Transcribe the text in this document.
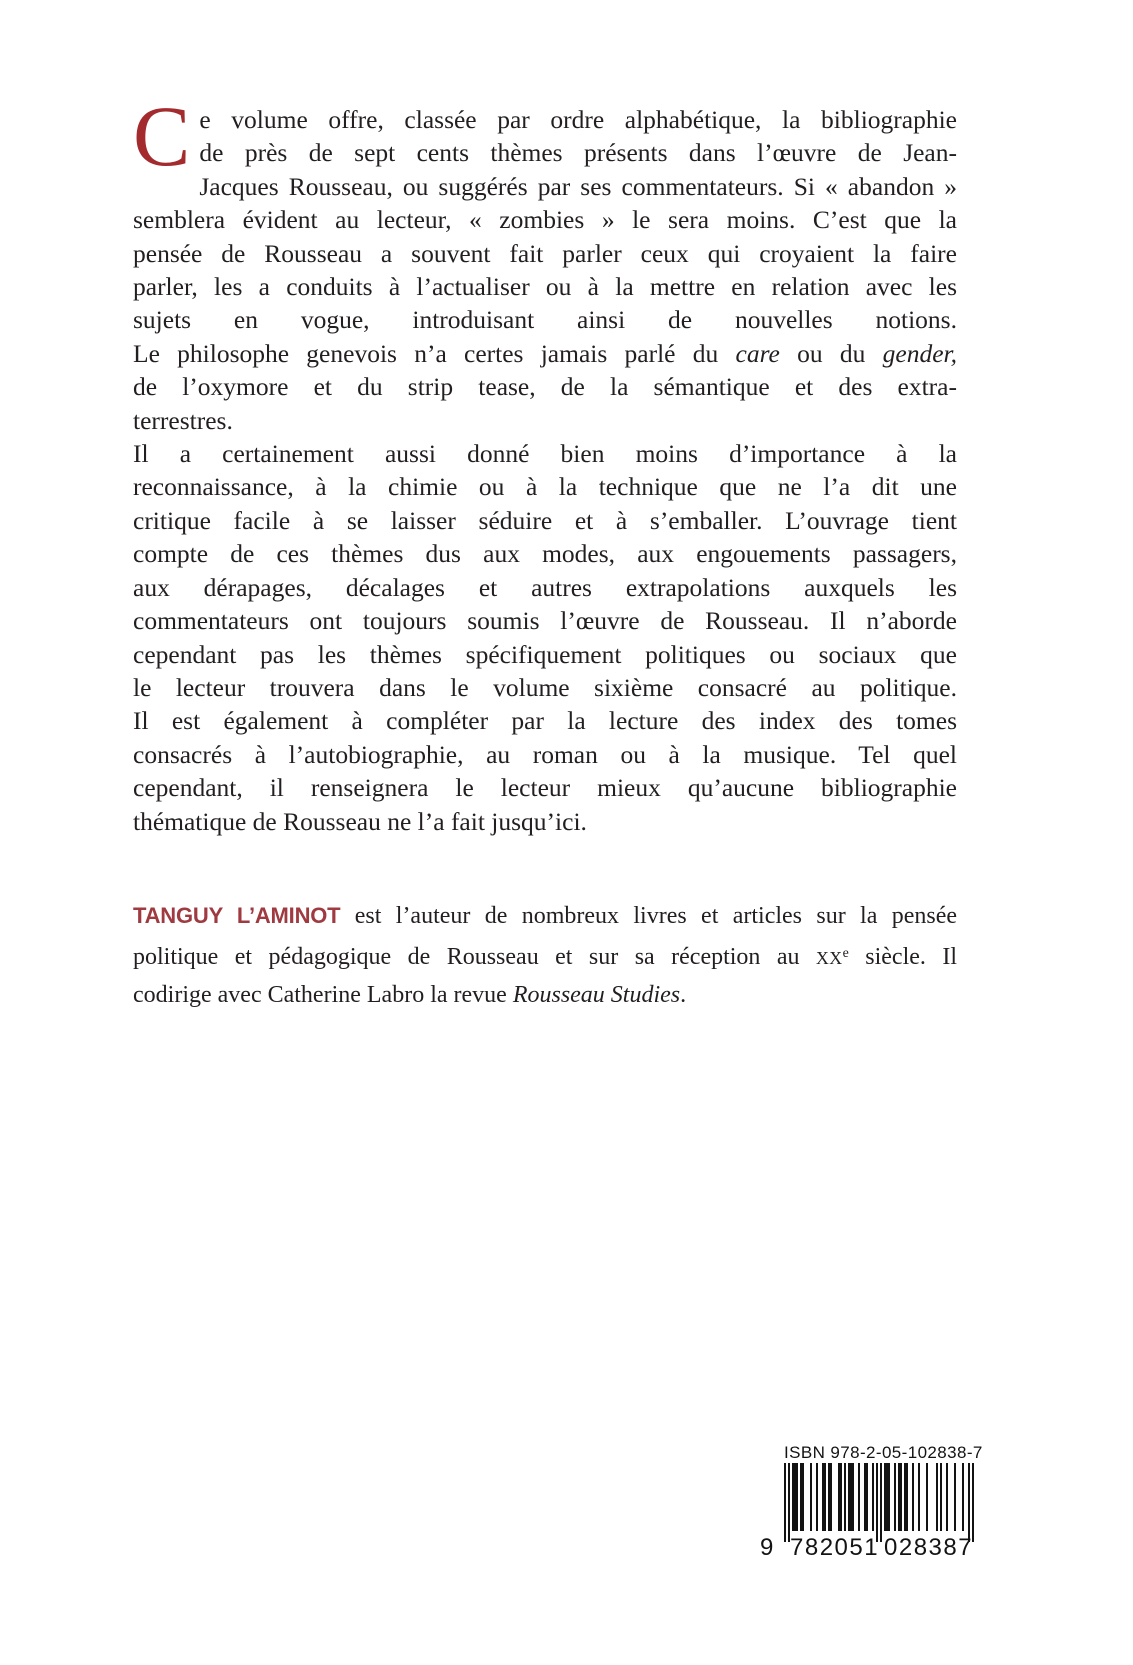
C e volume offre, classée par ordre alphabétique, la bibliographie
de près de sept cents thèmes présents dans l’œuvre de Jean-
Jacques Rousseau, ou suggérés par ses commentateurs. Si « abandon »
semblera évident au lecteur, « zombies » le sera moins. C’est que la
pensée de Rousseau a souvent fait parler ceux qui croyaient la faire
parler, les a conduits à l’actualiser ou à la mettre en relation avec les
sujets en vogue, introduisant ainsi de nouvelles notions.
Le philosophe genevois n’a certes jamais parlé du care ou du gender,
de l’oxymore et du strip tease, de la sémantique et des extra-
terrestres.
Il a certainement aussi donné bien moins d’importance à la
reconnaissance, à la chimie ou à la technique que ne l’a dit une
critique facile à se laisser séduire et à s’emballer. L’ouvrage tient
compte de ces thèmes dus aux modes, aux engouements passagers,
aux dérapages, décalages et autres extrapolations auxquels les
commentateurs ont toujours soumis l’œuvre de Rousseau. Il n’aborde
cependant pas les thèmes spécifiquement politiques ou sociaux que
le lecteur trouvera dans le volume sixième consacré au politique.
Il est également à compléter par la lecture des index des tomes
consacrés à l’autobiographie, au roman ou à la musique. Tel quel
cependant, il renseignera le lecteur mieux qu’aucune bibliographie
thématique de Rousseau ne l’a fait jusqu’ici.
TANGUY L’AMINOT est l’auteur de nombreux livres et articles sur la pensée
politique et pédagogique de Rousseau et sur sa réception au XXe siècle. Il
codirige avec Catherine Labro la revue Rousseau Studies.
ISBN 978-2-05-102838-7
9 782051 028387
